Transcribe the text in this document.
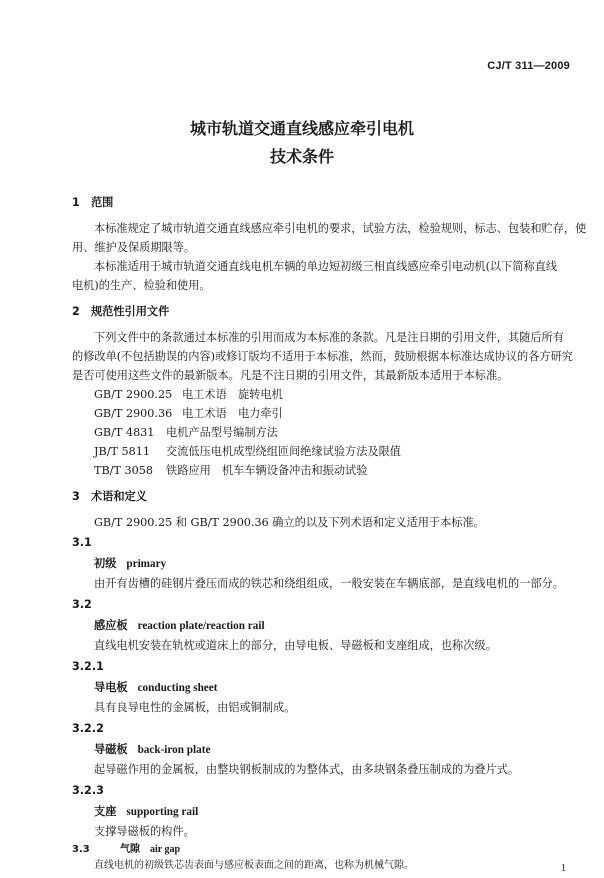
CJ/T 311—2009
城市轨道交通直线感应牵引电机
技术条件
1　范围
本标准规定了城市轨道交通直线感应牵引电机的要求，试验方法，检验规则，标志、包装和贮存，使
用、维护及保质期限等。
本标准适用于城市轨道交通直线电机车辆的单边短初级三相直线感应牵引电动机(以下简称直线
电机)的生产、检验和使用。
2　规范性引用文件
下列文件中的条款通过本标准的引用而成为本标准的条款。凡是注日期的引用文件，其随后所有
的修改单(不包括勘误的内容)或修订版均不适用于本标准，然而，鼓励根据本标准达成协议的各方研究
是否可使用这些文件的最新版本。凡是不注日期的引用文件，其最新版本适用于本标准。
GB/T 2900.25 电工术语　旋转电机
GB/T 2900.36 电工术语　电力牵引
GB/T 4831 电机产品型号编制方法
JB/T 5811 交流低压电机成型绕组匝间绝缘试验方法及限值
TB/T 3058 铁路应用　机车车辆设备冲击和振动试验
3　术语和定义
GB/T 2900.25 和 GB/T 2900.36 确立的以及下列术语和定义适用于本标准。
3.1
初级 primary
由开有齿槽的硅钢片叠压而成的铁芯和绕组组成，一般安装在车辆底部，是直线电机的一部分。
3.2
感应板 reaction plate/reaction rail
直线电机安装在轨枕或道床上的部分，由导电板、导磁板和支座组成，也称次级。
3.2.1
导电板 conducting sheet
具有良导电性的金属板，由铝或铜制成。
3.2.2
导磁板 back-iron plate
起导磁作用的金属板，由整块钢板制成的为整体式，由多块钢条叠压制成的为叠片式。
3.2.3
支座 supporting rail
支撑导磁板的构件。
3.3	气隙 air gap
直线电机的初级铁芯齿表面与感应板表面之间的距离，也称为机械气隙。	1
